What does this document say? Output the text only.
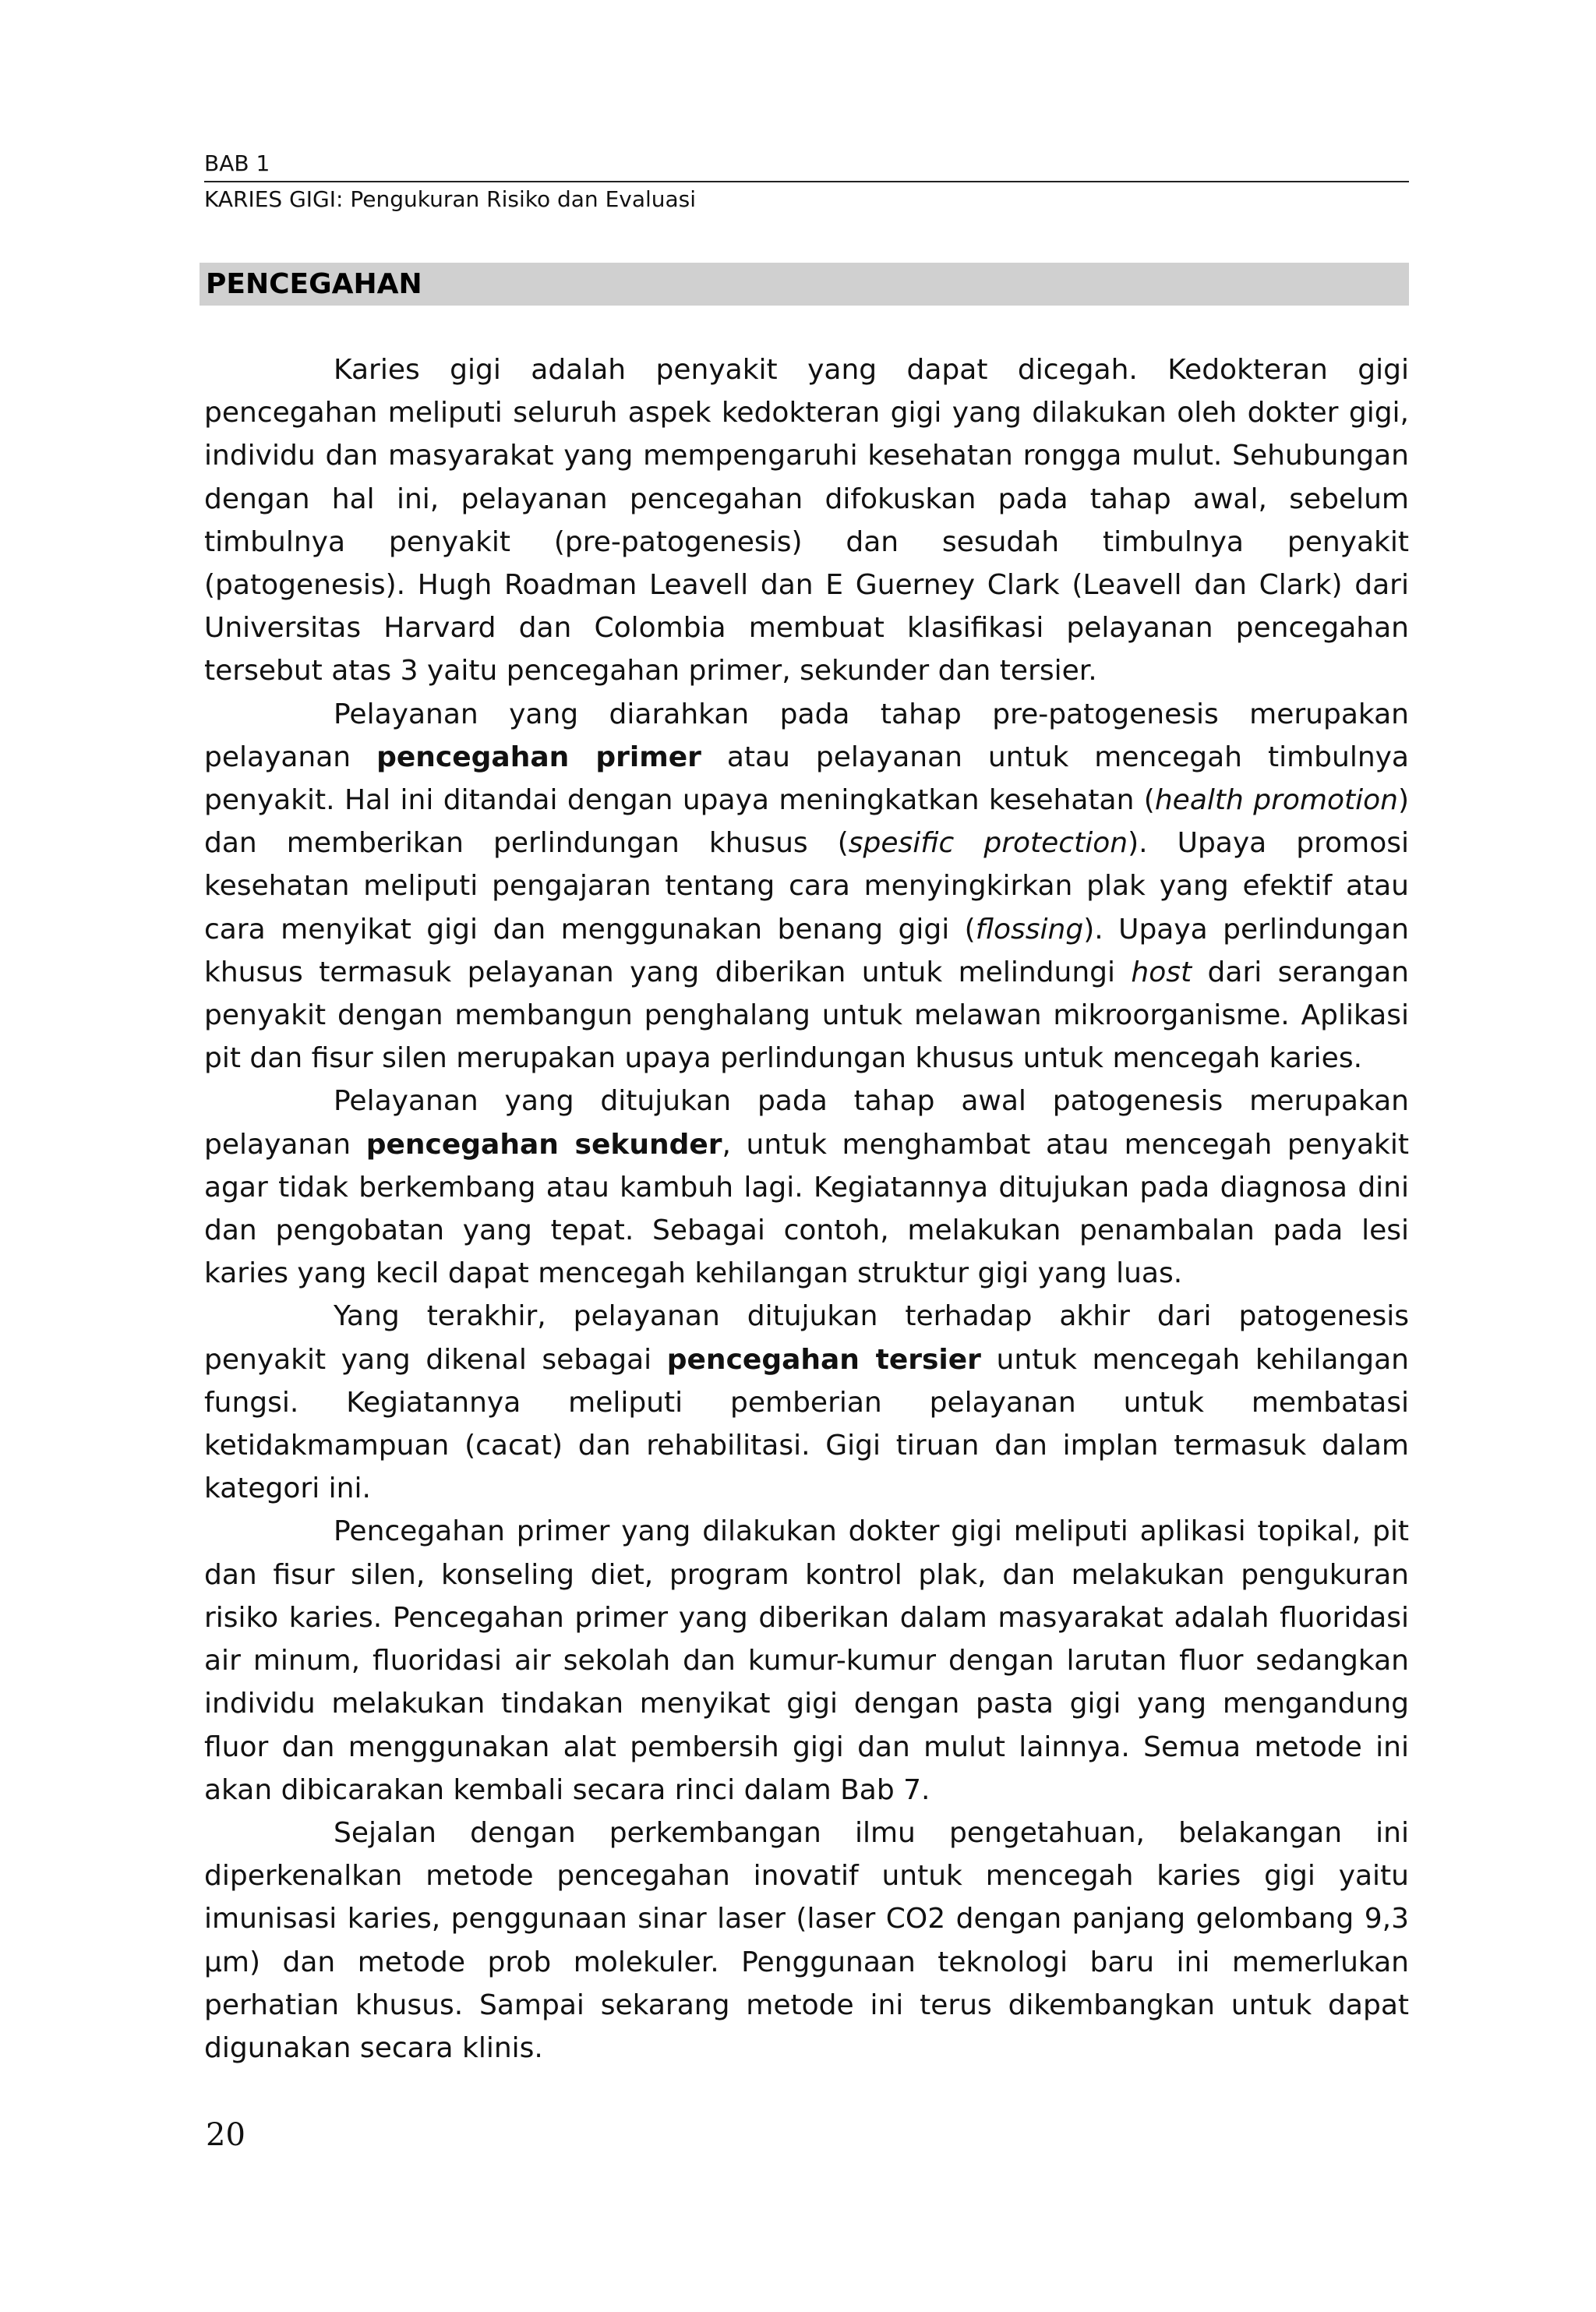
BAB 1
KARIES GIGI: Pengukuran Risiko dan Evaluasi
PENCEGAHAN

Karies gigi adalah penyakit yang dapat dicegah. Kedokteran gigi pencegahan meliputi seluruh aspek kedokteran gigi yang dilakukan oleh dokter gigi, individu dan masyarakat yang mempengaruhi kesehatan rongga mulut. Sehubungan dengan hal ini, pelayanan pencegahan difokuskan pada tahap awal, sebelum timbulnya penyakit (pre-patogenesis) dan sesudah timbulnya penyakit (patogenesis). Hugh Roadman Leavell dan E Guerney Clark (Leavell dan Clark) dari Universitas Harvard dan Colombia membuat klasifikasi pelayanan pencegahan tersebut atas 3 yaitu pencegahan primer, sekunder dan tersier.

Pelayanan yang diarahkan pada tahap pre-patogenesis merupakan pelayanan pencegahan primer atau pelayanan untuk mencegah timbulnya penyakit. Hal ini ditandai dengan upaya meningkatkan kesehatan (health promotion) dan memberikan perlindungan khusus (spesific protection). Upaya promosi kesehatan meliputi pengajaran tentang cara menyingkirkan plak yang efektif atau cara menyikat gigi dan menggunakan benang gigi (flossing). Upaya perlindungan khusus termasuk pelayanan yang diberikan untuk melindungi host dari serangan penyakit dengan membangun penghalang untuk melawan mikroorganisme. Aplikasi pit dan fisur silen merupakan upaya perlindungan khusus untuk mencegah karies.

Pelayanan yang ditujukan pada tahap awal patogenesis merupakan pelayanan pencegahan sekunder, untuk menghambat atau mencegah penyakit agar tidak berkembang atau kambuh lagi. Kegiatannya ditujukan pada diagnosa dini dan pengobatan yang tepat. Sebagai contoh, melakukan penambalan pada lesi karies yang kecil dapat mencegah kehilangan struktur gigi yang luas.

Yang terakhir, pelayanan ditujukan terhadap akhir dari patogenesis penyakit yang dikenal sebagai pencegahan tersier untuk mencegah kehilangan fungsi. Kegiatannya meliputi pemberian pelayanan untuk membatasi ketidakmampuan (cacat) dan rehabilitasi. Gigi tiruan dan implan termasuk dalam kategori ini.

Pencegahan primer yang dilakukan dokter gigi meliputi aplikasi topikal, pit dan fisur silen, konseling diet, program kontrol plak, dan melakukan pengukuran risiko karies. Pencegahan primer yang diberikan dalam masyarakat adalah fluoridasi air minum, fluoridasi air sekolah dan kumur-kumur dengan larutan fluor sedangkan individu melakukan tindakan menyikat gigi dengan pasta gigi yang mengandung fluor dan menggunakan alat pembersih gigi dan mulut lainnya. Semua metode ini akan dibicarakan kembali secara rinci dalam Bab 7.

Sejalan dengan perkembangan ilmu pengetahuan, belakangan ini diperkenalkan metode pencegahan inovatif untuk mencegah karies gigi yaitu imunisasi karies, penggunaan sinar laser (laser CO2 dengan panjang gelombang 9,3 µm) dan metode prob molekuler. Penggunaan teknologi baru ini memerlukan perhatian khusus. Sampai sekarang metode ini terus dikembangkan untuk dapat digunakan secara klinis.

20
